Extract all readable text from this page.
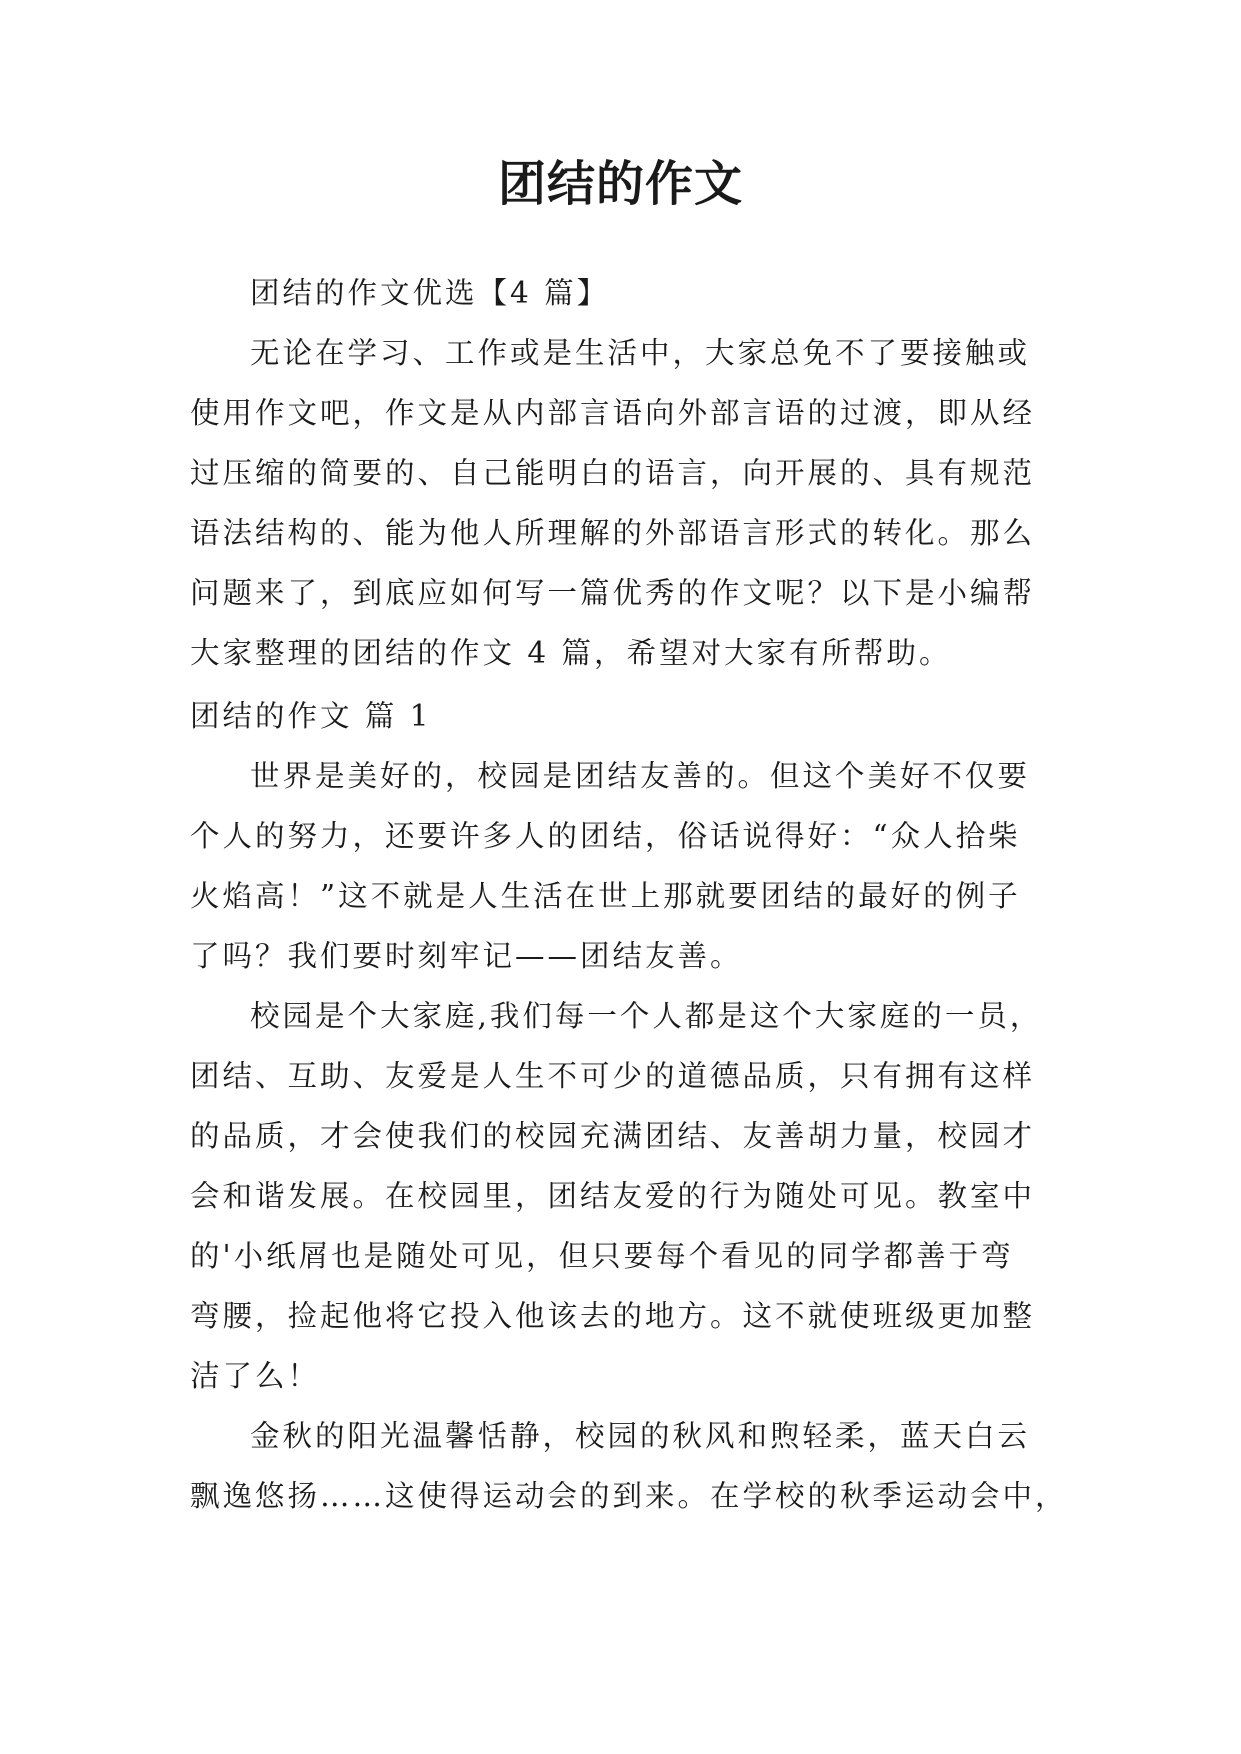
团结的作文
团结的作文优选【4 篇】
无论在学习、工作或是生活中，大家总免不了要接触或
使用作文吧，作文是从内部言语向外部言语的过渡，即从经
过压缩的简要的、自己能明白的语言，向开展的、具有规范
语法结构的、能为他人所理解的外部语言形式的转化。那么
问题来了，到底应如何写一篇优秀的作文呢？以下是小编帮
大家整理的团结的作文 4 篇，希望对大家有所帮助。
团结的作文 篇 1
世界是美好的，校园是团结友善的。但这个美好不仅要
个人的努力，还要许多人的团结，俗话说得好：“众人拾柴
火焰高！”这不就是人生活在世上那就要团结的最好的例子
了吗？我们要时刻牢记——团结友善。
校园是个大家庭,我们每一个人都是这个大家庭的一员，
团结、互助、友爱是人生不可少的道德品质，只有拥有这样
的品质，才会使我们的校园充满团结、友善胡力量，校园才
会和谐发展。在校园里，团结友爱的行为随处可见。教室中
的'小纸屑也是随处可见，但只要每个看见的同学都善于弯
弯腰，捡起他将它投入他该去的地方。这不就使班级更加整
洁了么！
金秋的阳光温馨恬静，校园的秋风和煦轻柔，蓝天白云
飘逸悠扬……这使得运动会的到来。在学校的秋季运动会中，
